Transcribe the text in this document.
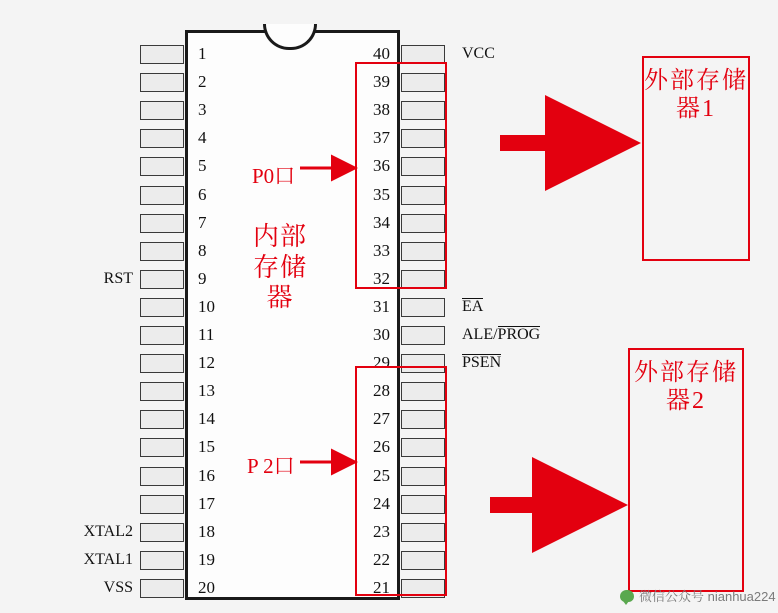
1
2
3
4
5
6
7
8
9
RST
10
11
12
13
14
15
16
17
18
XTAL2
19
XTAL1
20
VSS
40	VCC
39
38
37
36
35
34
33
32
31	EA
30	ALE/PROG
29	PSEN
28
27
26
25
24
23
22
21
内部存储器
P0口
P 2口
外部存储器1
外部存储器2
微信公众号 nianhua224
